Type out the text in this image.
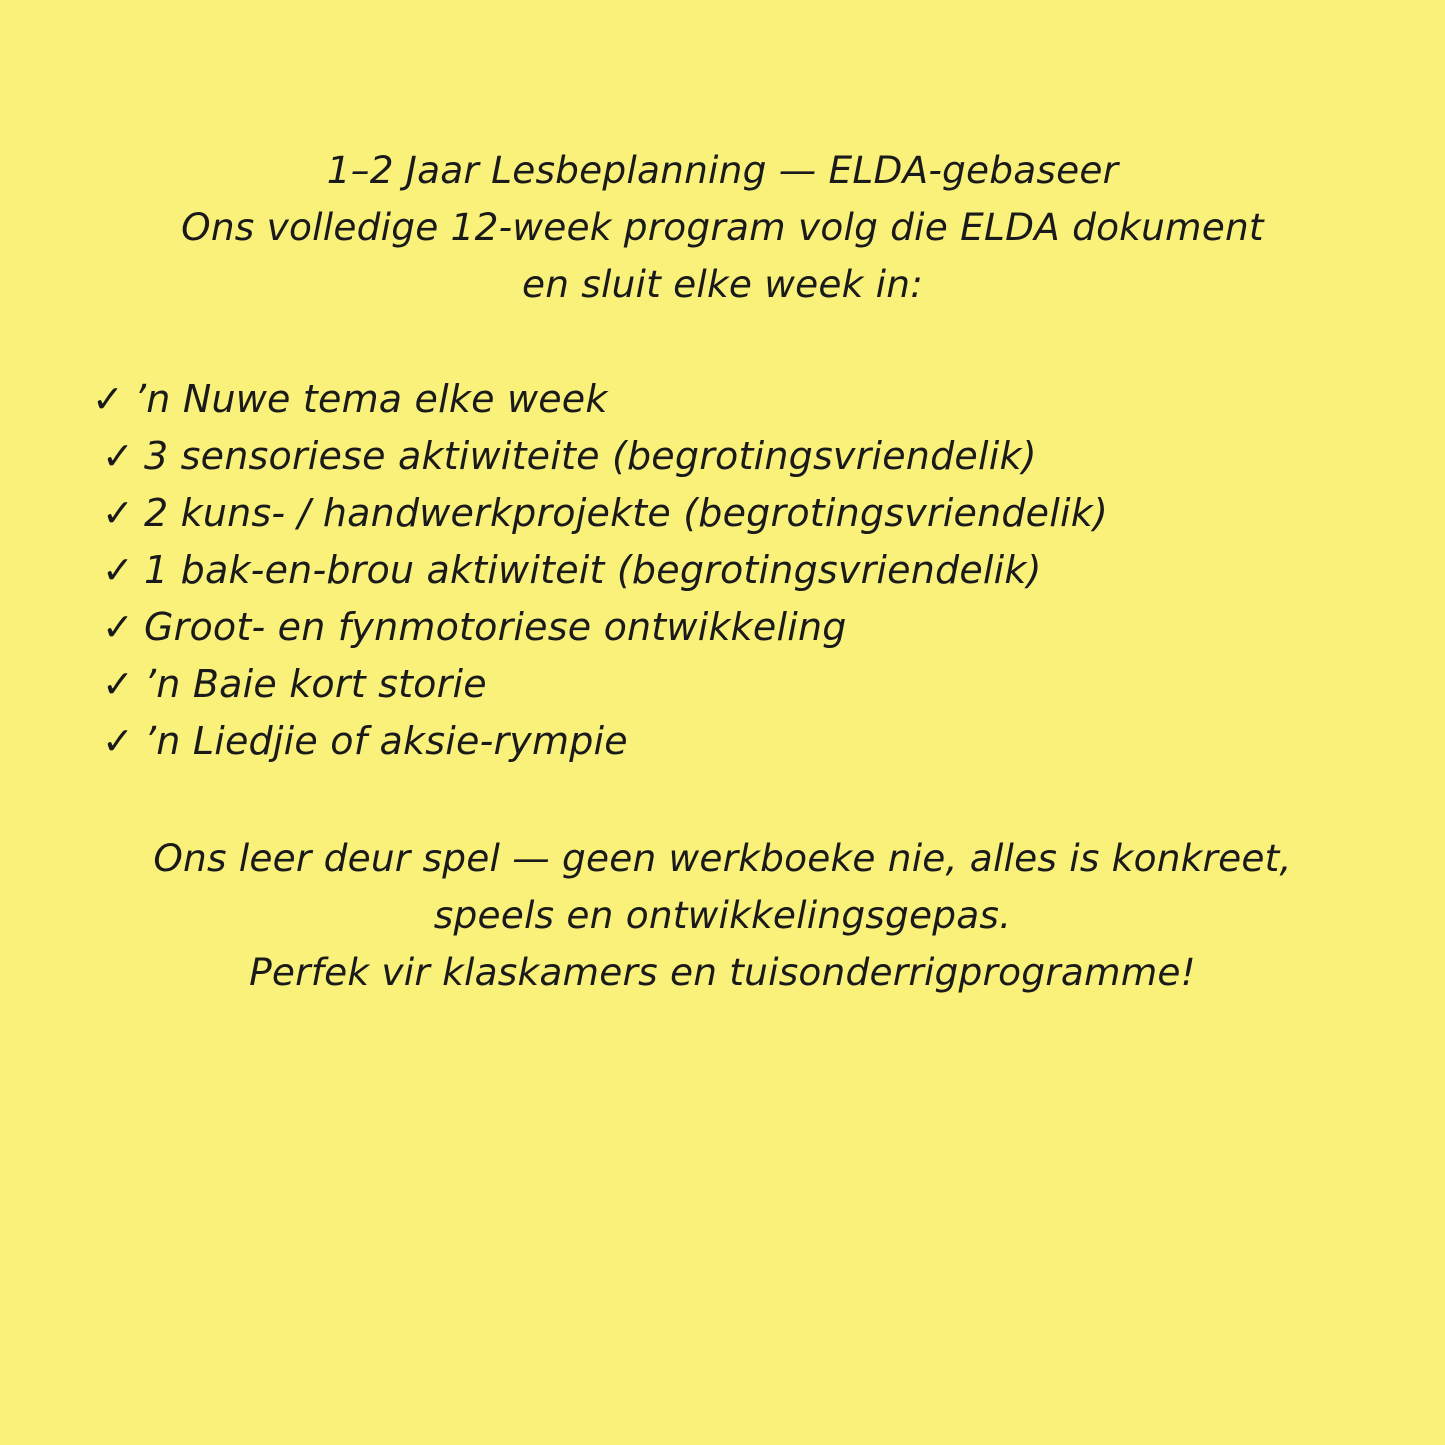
1–2 Jaar Lesbeplanning — ELDA-gebaseer
Ons volledige 12-week program volg die ELDA dokument
en sluit elke week in:
✓ ’n Nuwe tema elke week
✓ 3 sensoriese aktiwiteite (begrotingsvriendelik)
✓ 2 kuns- / handwerkprojekte (begrotingsvriendelik)
✓ 1 bak-en-brou aktiwiteit (begrotingsvriendelik)
✓ Groot- en fynmotoriese ontwikkeling
✓ ’n Baie kort storie
✓ ’n Liedjie of aksie-rympie
Ons leer deur spel — geen werkboeke nie, alles is konkreet,
speels en ontwikkelingsgepas.
Perfek vir klaskamers en tuisonderrigprogramme!
